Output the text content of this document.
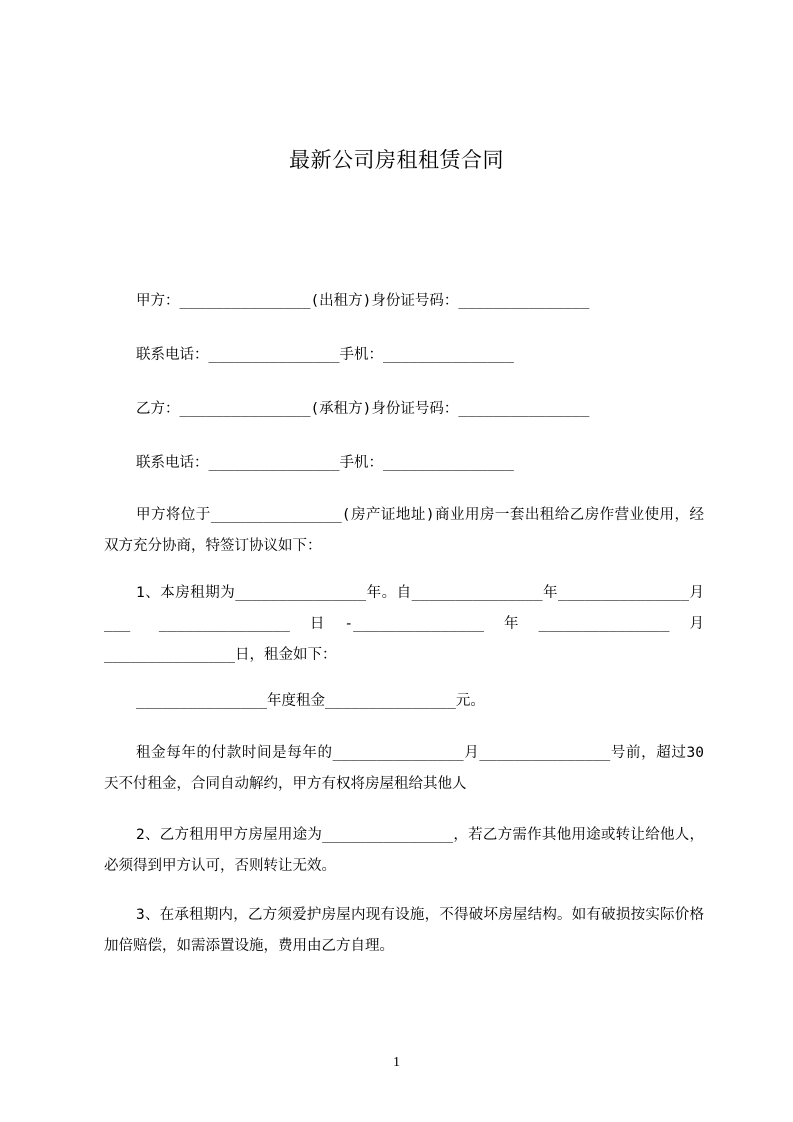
最新公司房租租赁合同
甲方：_______________(出租方)身份证号码：_______________
联系电话：_______________手机：_______________
乙方：_______________(承租方)身份证号码：_______________
联系电话：_______________手机：_______________
甲方将位于_______________(房产证地址)商业用房一套出租给乙房作营业使用，经双方充分协商，特签订协议如下：
1、本房租期为_______________年。自_______________年_______________月___ _______________日-_______________年_______________月_______________日，租金如下：
_______________年度租金_______________元。
租金每年的付款时间是每年的_______________月_______________号前，超过30天不付租金，合同自动解约，甲方有权将房屋租给其他人
2、乙方租用甲方房屋用途为_______________，若乙方需作其他用途或转让给他人，必须得到甲方认可，否则转让无效。
3、在承租期内，乙方须爱护房屋内现有设施，不得破坏房屋结构。如有破损按实际价格加倍赔偿，如需添置设施，费用由乙方自理。
1
